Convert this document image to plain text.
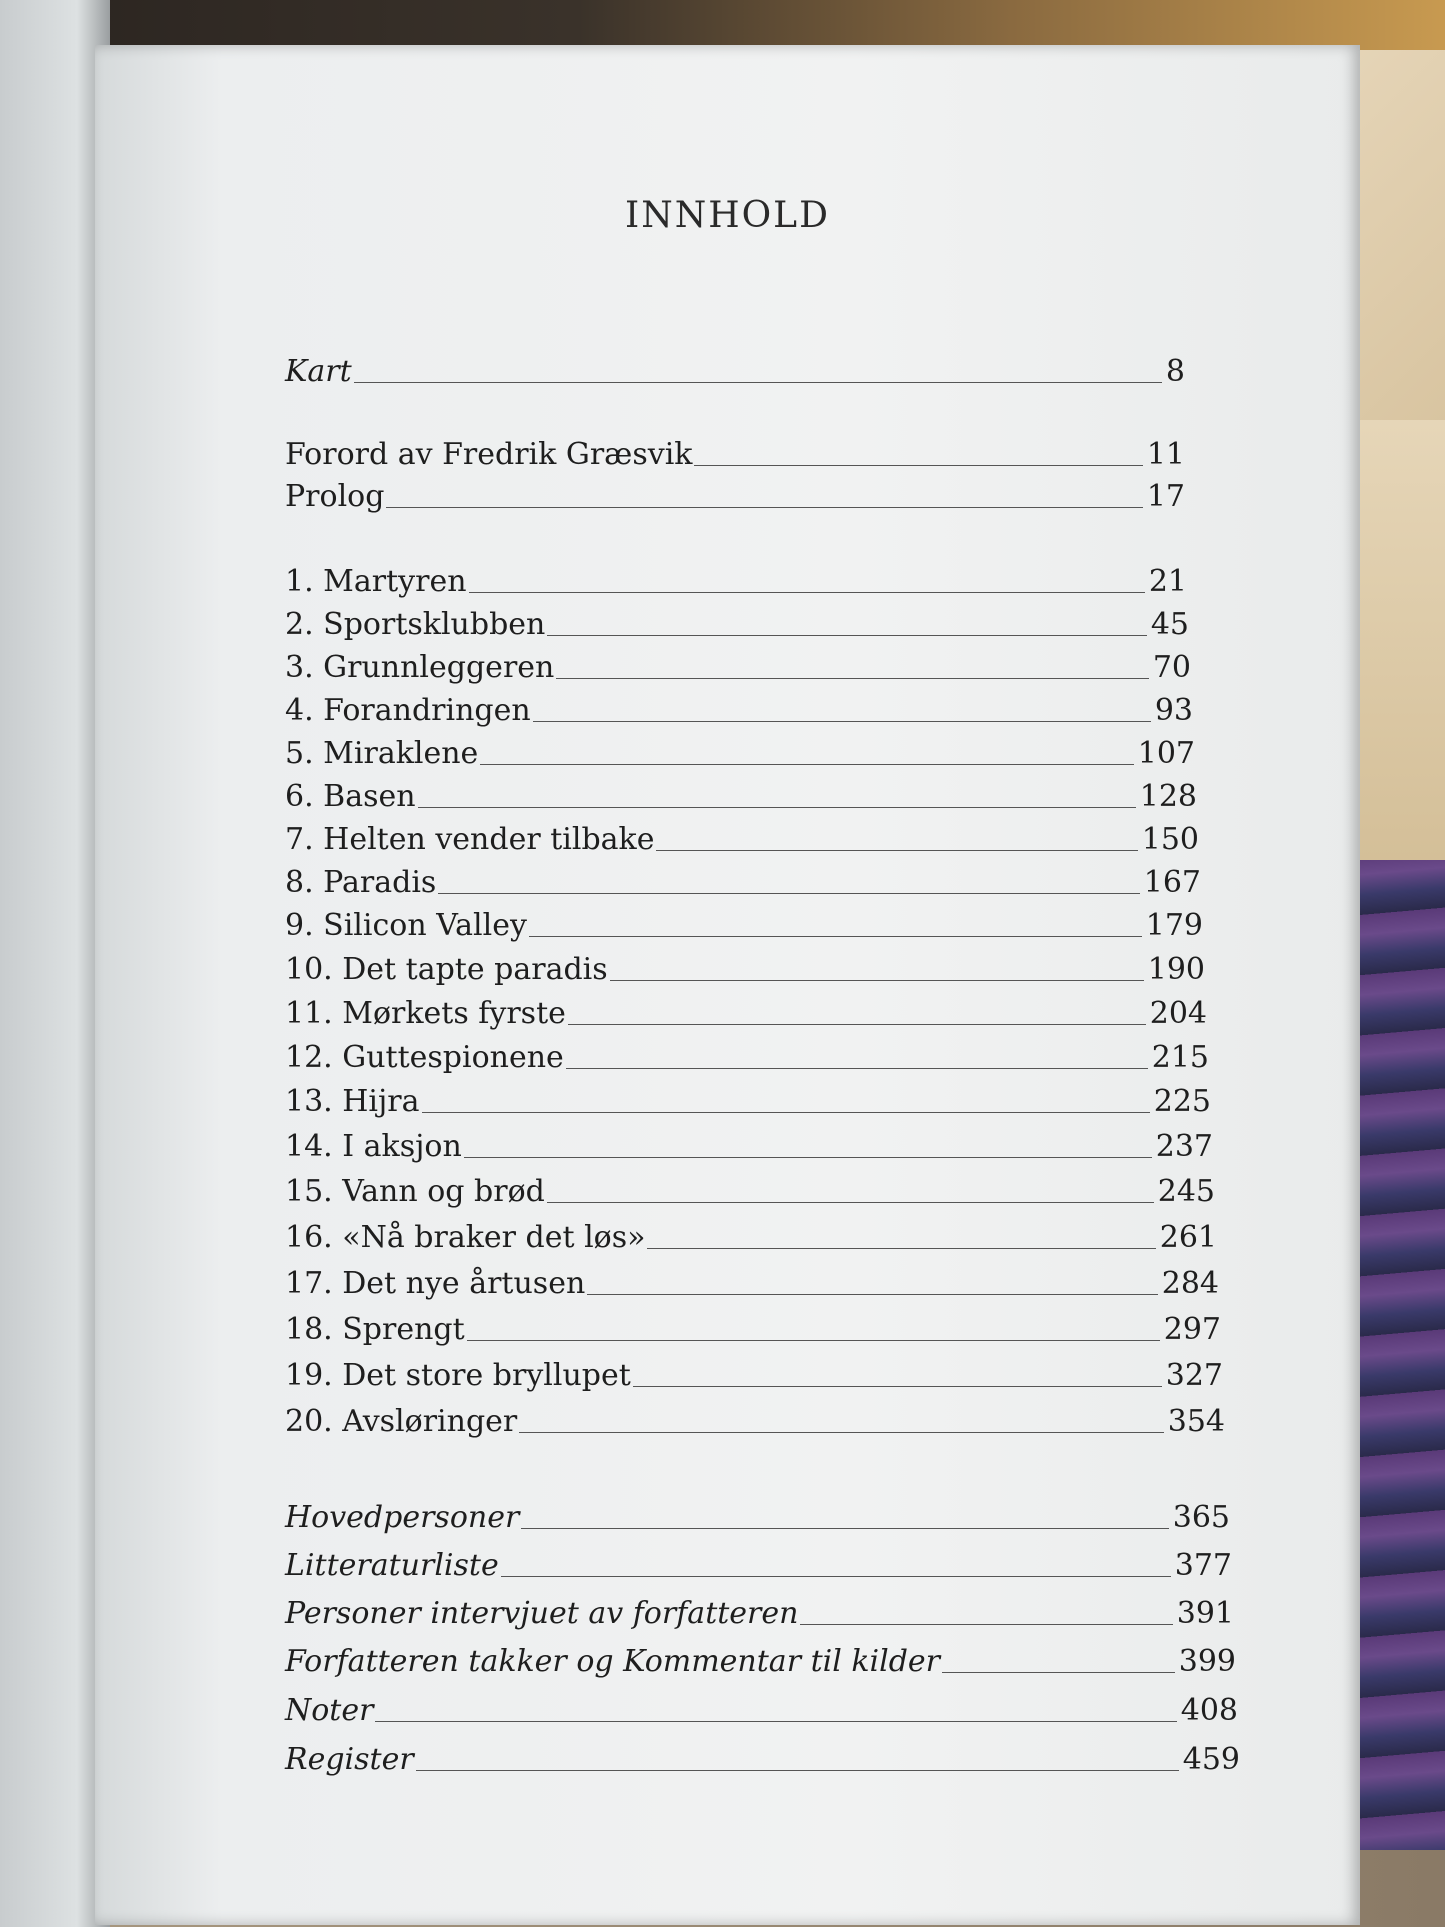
INNHOLD
Kart	8
Forord av Fredrik Græsvik	11
Prolog	17
1. Martyren	21
2. Sportsklubben	45
3. Grunnleggeren	70
4. Forandringen	93
5. Miraklene	107
6. Basen	128
7. Helten vender tilbake	150
8. Paradis	167
9. Silicon Valley	179
10. Det tapte paradis	190
11. Mørkets fyrste	204
12. Guttespionene	215
13. Hijra	225
14. I aksjon	237
15. Vann og brød	245
16. «Nå braker det løs»	261
17. Det nye årtusen	284
18. Sprengt	297
19. Det store bryllupet	327
20. Avsløringer	354
Hovedpersoner	365
Litteraturliste	377
Personer intervjuet av forfatteren	391
Forfatteren takker og Kommentar til kilder	399
Noter	408
Register	459
